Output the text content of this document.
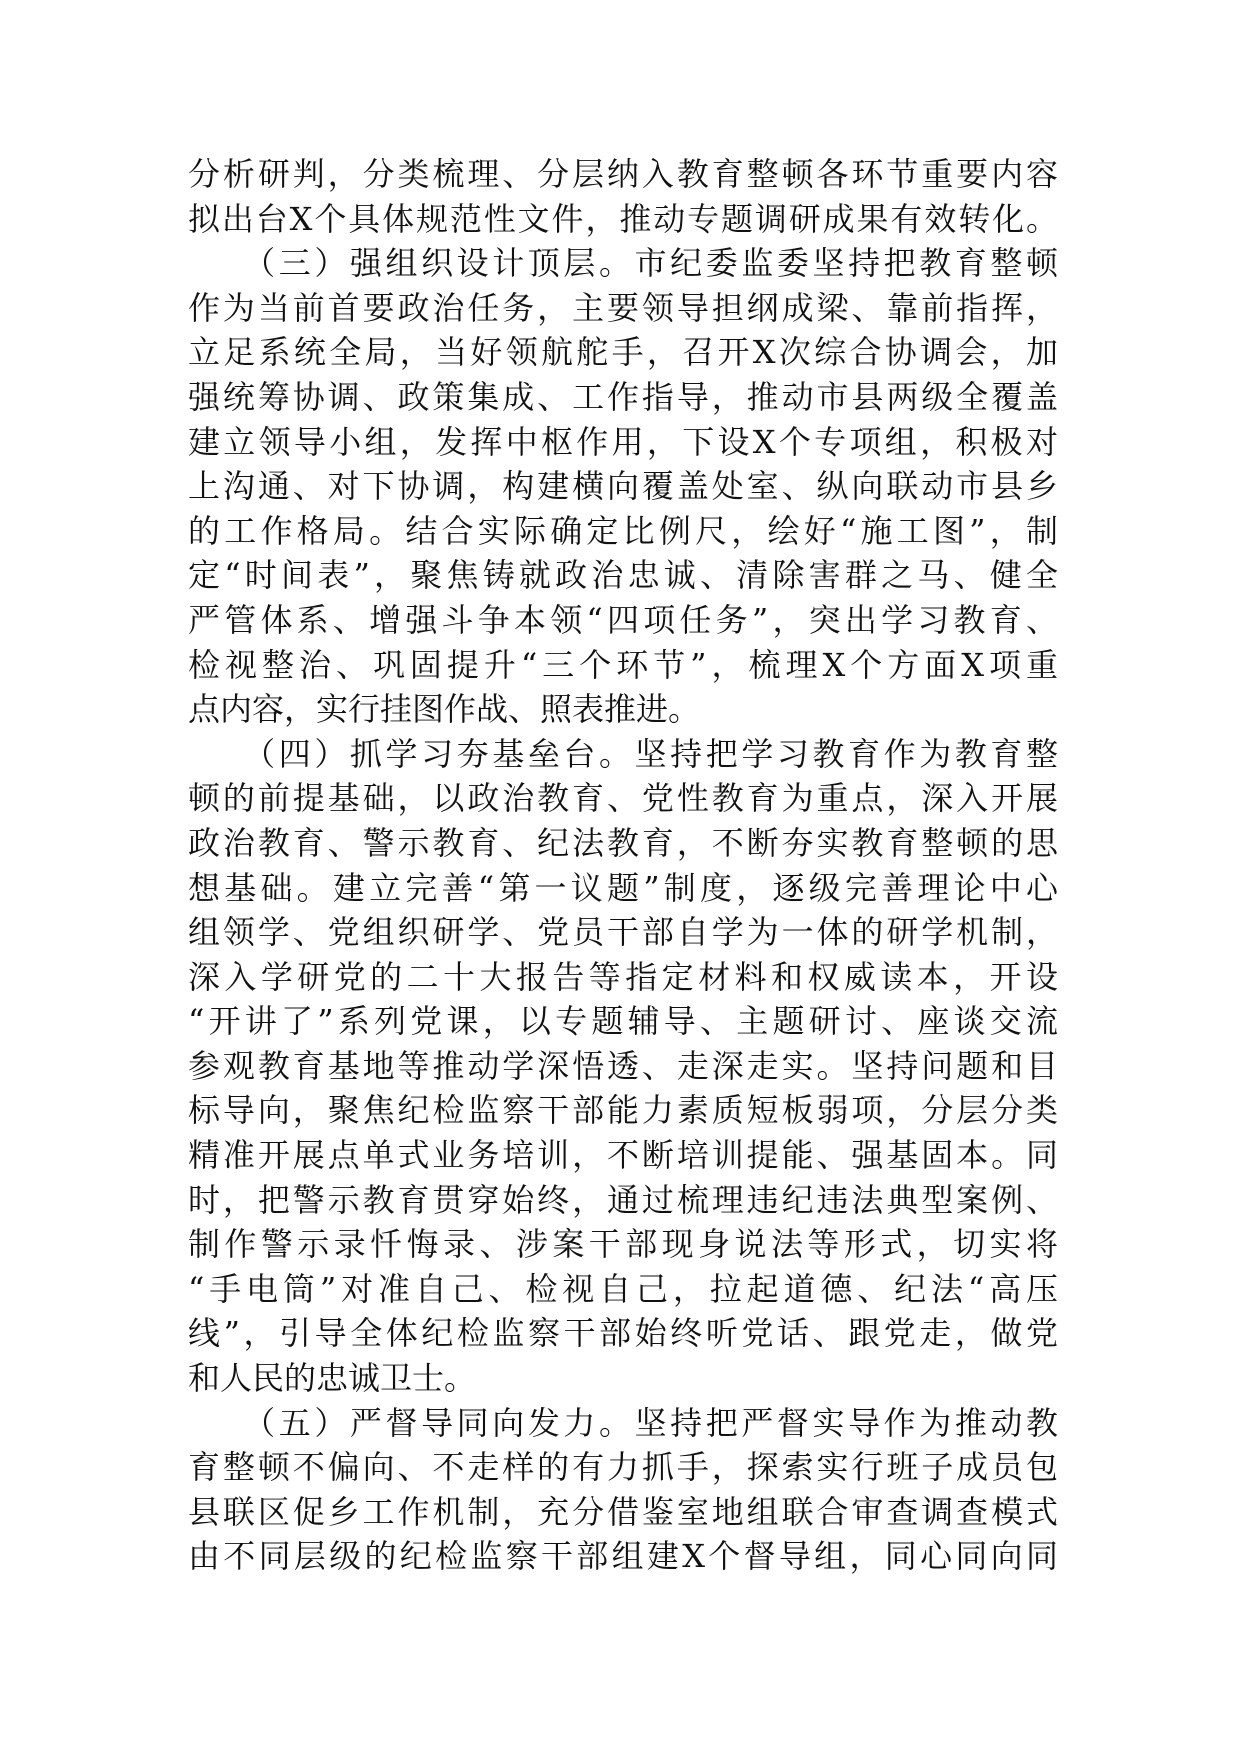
分析研判，分类梳理、分层纳入教育整顿各环节重要内容
拟出台X个具体规范性文件，推动专题调研成果有效转化。
　　（三）强组织设计顶层。市纪委监委坚持把教育整顿
作为当前首要政治任务，主要领导担纲成梁、靠前指挥，
立足系统全局，当好领航舵手，召开X次综合协调会，加
强统筹协调、政策集成、工作指导，推动市县两级全覆盖
建立领导小组，发挥中枢作用，下设X个专项组，积极对
上沟通、对下协调，构建横向覆盖处室、纵向联动市县乡
的工作格局。结合实际确定比例尺，绘好“施工图”，制
定“时间表”，聚焦铸就政治忠诚、清除害群之马、健全
严管体系、增强斗争本领“四项任务”，突出学习教育、
检视整治、巩固提升“三个环节”，梳理X个方面X项重
点内容，实行挂图作战、照表推进。
　　（四）抓学习夯基垒台。坚持把学习教育作为教育整
顿的前提基础，以政治教育、党性教育为重点，深入开展
政治教育、警示教育、纪法教育，不断夯实教育整顿的思
想基础。建立完善“第一议题”制度，逐级完善理论中心
组领学、党组织研学、党员干部自学为一体的研学机制，
深入学研党的二十大报告等指定材料和权威读本，开设
“开讲了”系列党课，以专题辅导、主题研讨、座谈交流
参观教育基地等推动学深悟透、走深走实。坚持问题和目
标导向，聚焦纪检监察干部能力素质短板弱项，分层分类
精准开展点单式业务培训，不断培训提能、强基固本。同
时，把警示教育贯穿始终，通过梳理违纪违法典型案例、
制作警示录忏悔录、涉案干部现身说法等形式，切实将
“手电筒”对准自己、检视自己，拉起道德、纪法“高压
线”，引导全体纪检监察干部始终听党话、跟党走，做党
和人民的忠诚卫士。
　　（五）严督导同向发力。坚持把严督实导作为推动教
育整顿不偏向、不走样的有力抓手，探索实行班子成员包
县联区促乡工作机制，充分借鉴室地组联合审查调查模式
由不同层级的纪检监察干部组建X个督导组，同心同向同
